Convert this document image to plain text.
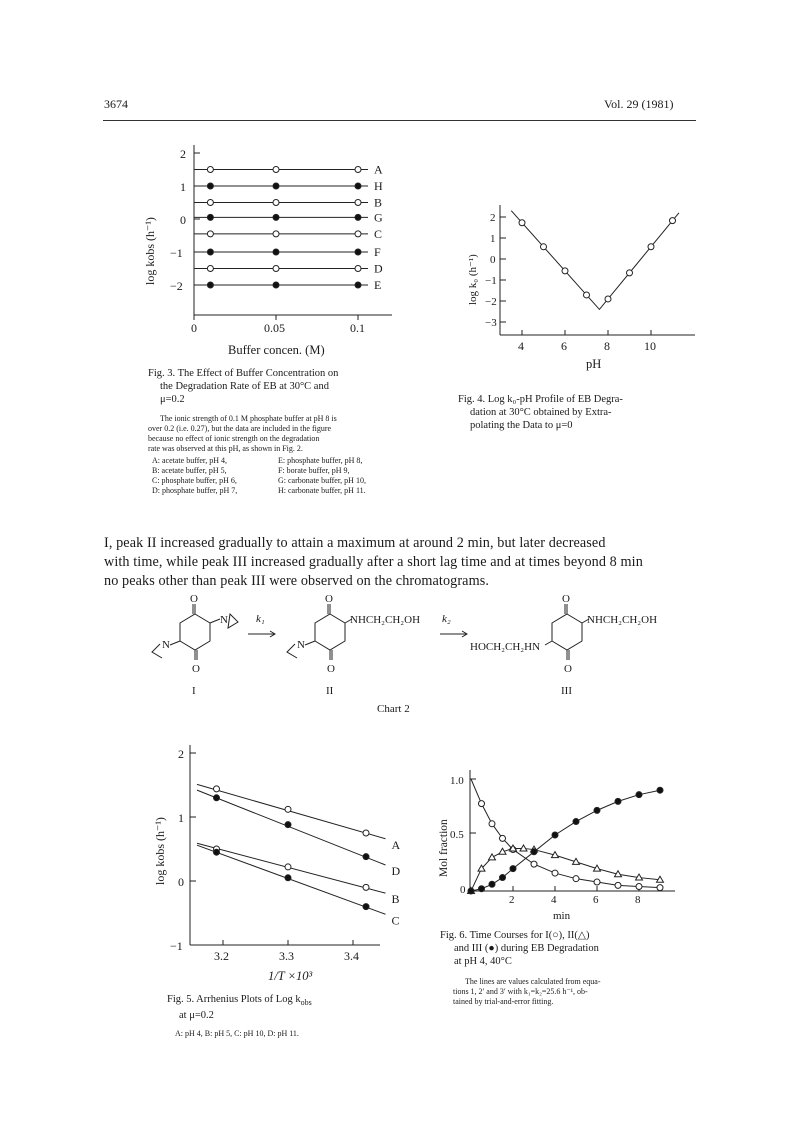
3674	Vol. 29 (1981)
2
1
0
−1
−2
0	0.05	0.1
Buffer concen. (M)
log kobs (h⁻¹)
A
H
B
G
C
F
D
E
Fig. 3. The Effect of Buffer Concentration on
the Degradation Rate of EB at 30°C and
μ=0.2
The ionic strength of 0.1 M phosphate buffer at pH 8 is
over 0.2 (i.e. 0.27), but the data are included in the figure
because no effect of ionic strength on the degradation
rate was observed at this pH, as shown in Fig. 2.
A: acetate buffer, pH 4,	E: phosphate buffer, pH 8,
B: acetate buffer, pH 5,	F: borate buffer, pH 9,
C: phosphate buffer, pH 6,	G: carbonate buffer, pH 10,
D: phosphate buffer, pH 7,	H: carbonate buffer, pH 11.
2
1
0
−1
−2
−3
4	6	8	10
pH
log k₀ (h⁻¹)
Fig. 4. Log k₀-pH Profile of EB Degra-
dation at 30°C obtained by Extra-
polating the Data to μ=0
I, peak II increased gradually to attain a maximum at around 2 min, but later decreased
with time, while peak III increased gradually after a short lag time and at times beyond 8 min
no peaks other than peak III were observed on the chromatograms.
O
O
N
N
I
k₁
O
O
NHCH₂CH₂OH
N
II
k₂
O
O
NHCH₂CH₂OH
HOCH₂CH₂HN
III
Chart 2
2
1
0
−1
3.2	3.3	3.4
1/T ×10³
log kobs (h⁻¹)	A
D
B
C
Fig. 5. Arrhenius Plots of Log $k_{obs}$
at μ=0.2
A: pH 4, B: pH 5, C: pH 10, D: pH 11.
1.0
0.5
0
2	4	6	8
min
Mol fraction
Fig. 6. Time Courses for I(○), II(△)
and III (●) during EB Degradation
at pH 4, 40°C
The lines are values calculated from equa-
tions 1, 2′ and 3′ with k₁=k₂=25.6 h⁻¹, ob-
tained by trial-and-error fitting.
